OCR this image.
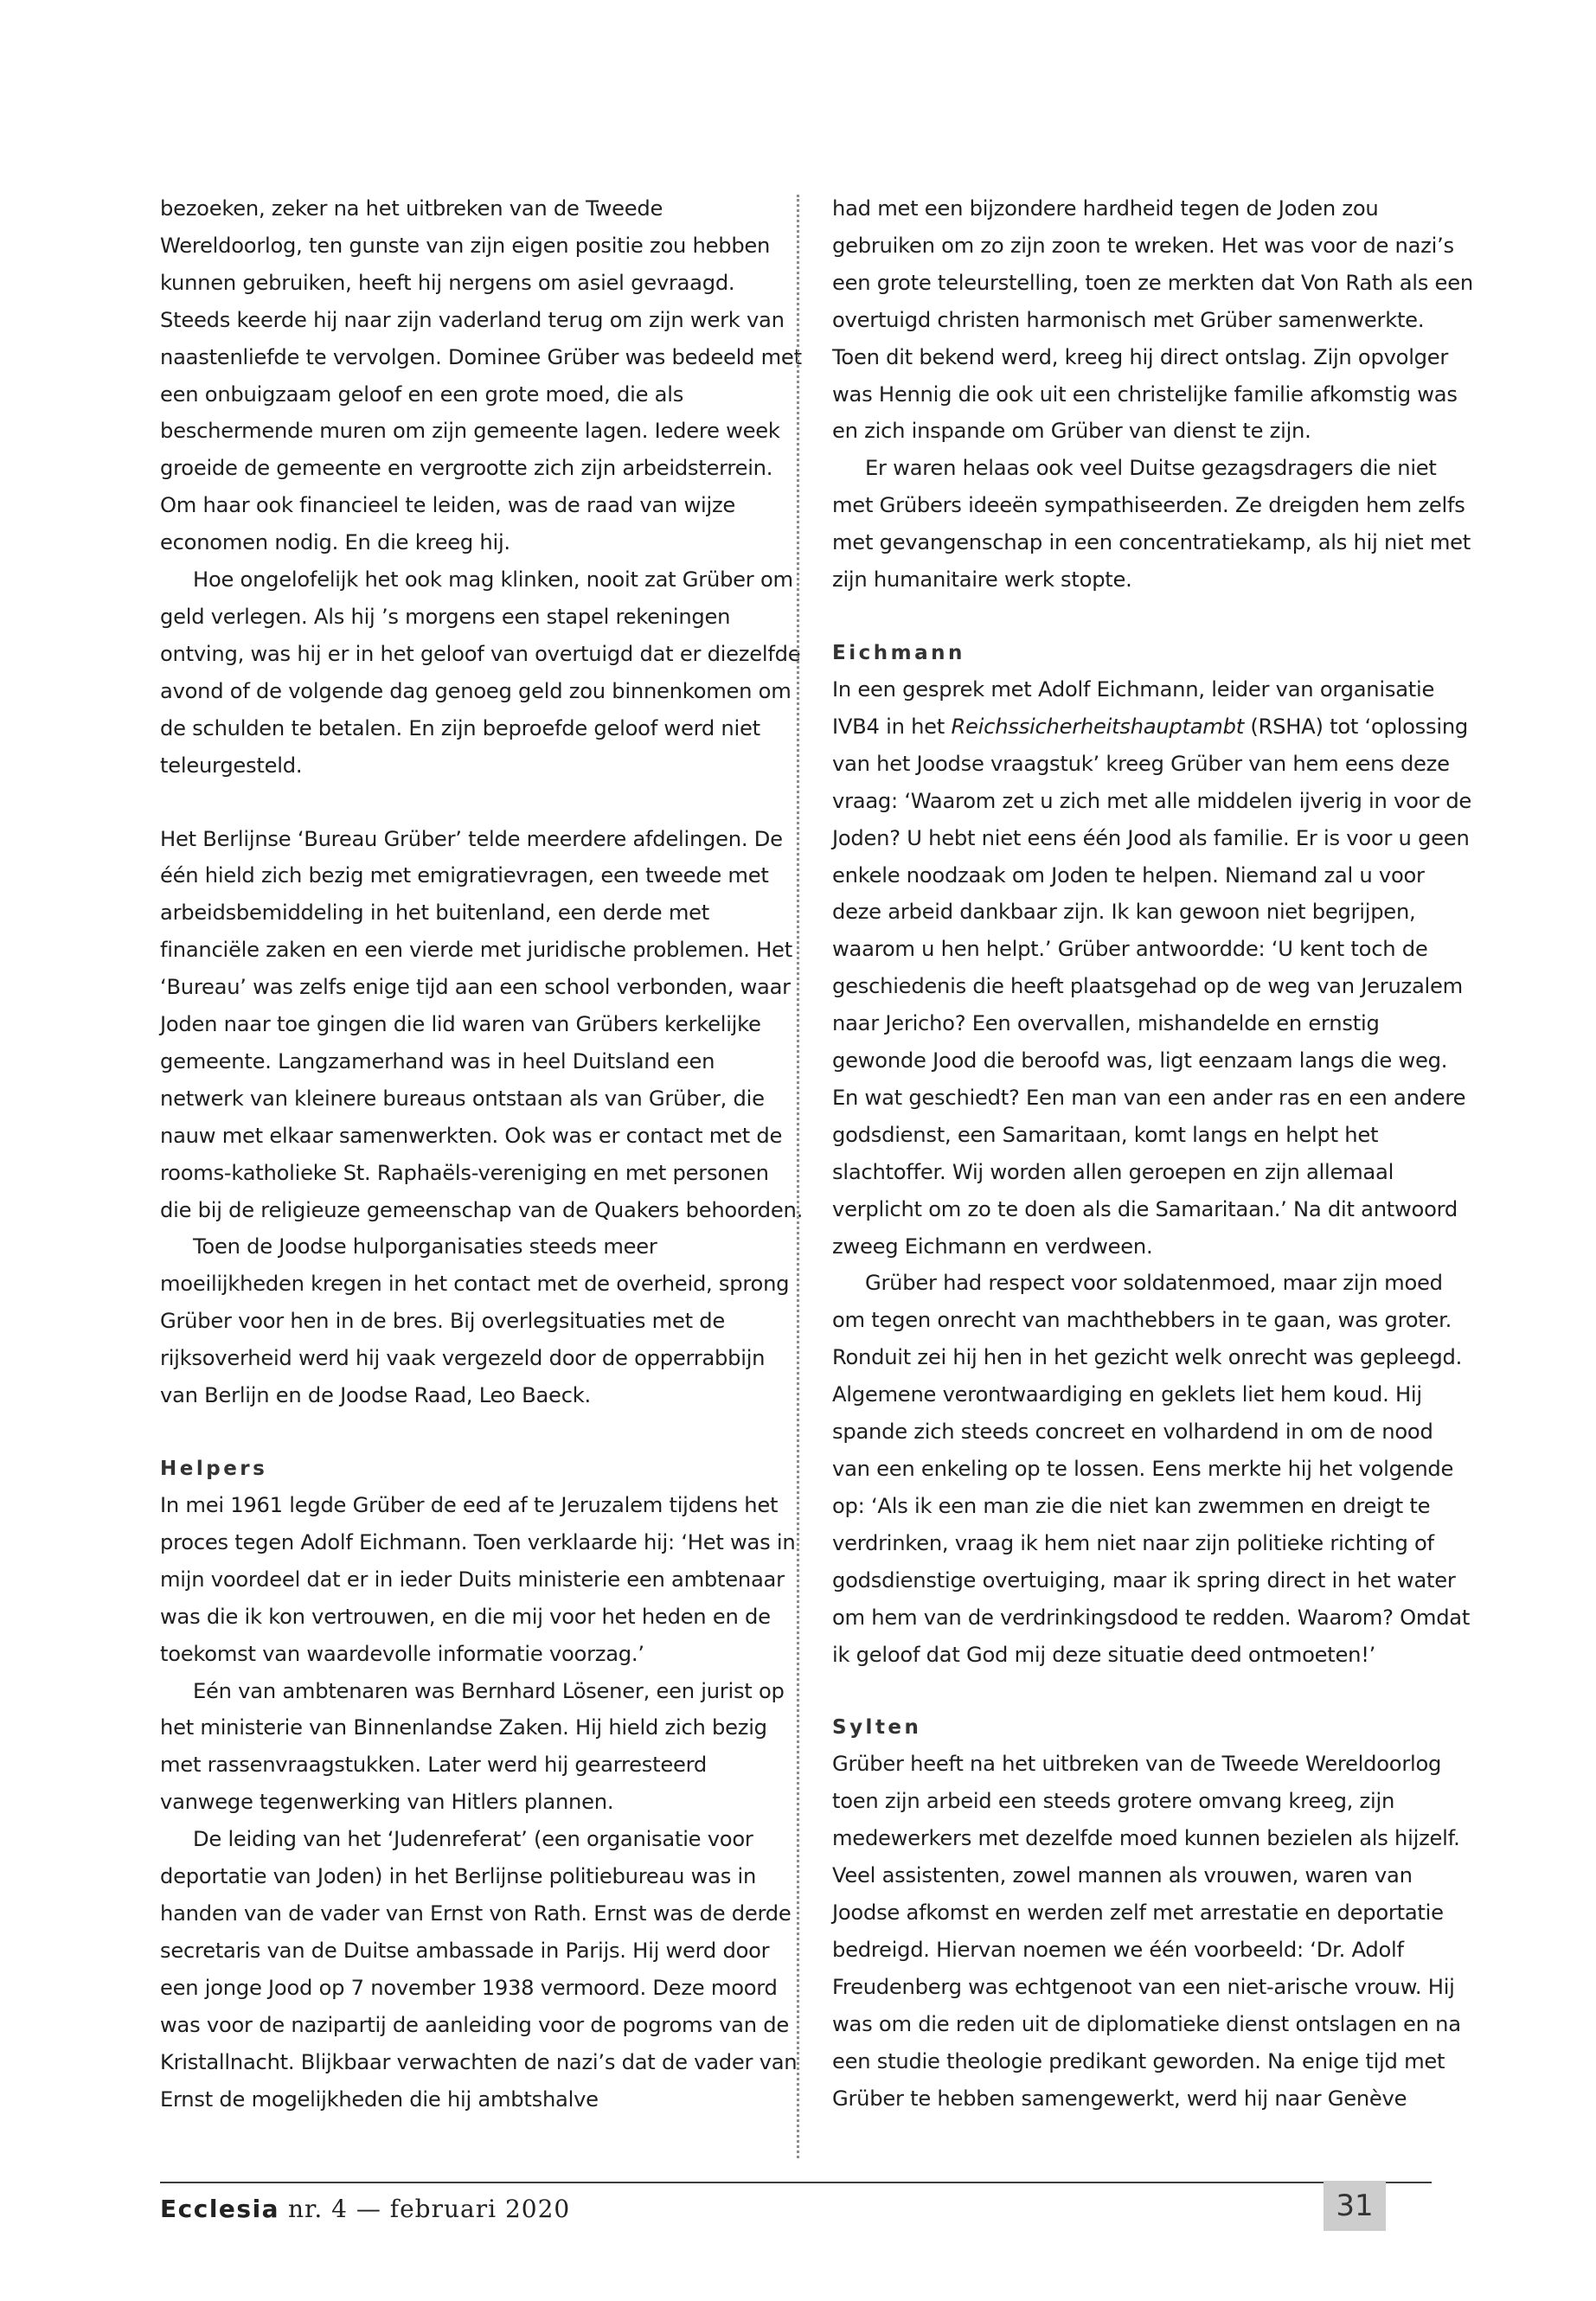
bezoeken, zeker na het uitbreken van de Tweede Wereldoorlog, ten gunste van zijn eigen positie zou hebben kunnen gebruiken, heeft hij nergens om asiel gevraagd. Steeds keerde hij naar zijn vaderland terug om zijn werk van naastenliefde te vervolgen. Dominee Grüber was bedeeld met een onbuigzaam geloof en een grote moed, die als beschermende muren om zijn gemeente lagen. Iedere week groeide de gemeente en vergrootte zich zijn arbeidsterrein. Om haar ook financieel te leiden, was de raad van wijze economen nodig. En die kreeg hij.

Hoe ongelofelijk het ook mag klinken, nooit zat Grüber om geld verlegen. Als hij ’s morgens een stapel rekeningen ontving, was hij er in het geloof van overtuigd dat er diezelfde avond of de volgende dag genoeg geld zou binnenkomen om de schulden te betalen. En zijn beproefde geloof werd niet teleurgesteld.

Het Berlijnse ‘Bureau Grüber’ telde meerdere afdelingen. De één hield zich bezig met emigratievragen, een tweede met arbeidsbemiddeling in het buitenland, een derde met financiële zaken en een vierde met juridische problemen. Het ‘Bureau’ was zelfs enige tijd aan een school verbonden, waar Joden naar toe gingen die lid waren van Grübers kerkelijke gemeente. Langzamerhand was in heel Duitsland een netwerk van kleinere bureaus ontstaan als van Grüber, die nauw met elkaar samenwerkten. Ook was er contact met de rooms-katholieke St. Raphaëls-vereniging en met personen die bij de religieuze gemeenschap van de Quakers behoorden.

Toen de Joodse hulporganisaties steeds meer moeilijkheden kregen in het contact met de overheid, sprong Grüber voor hen in de bres. Bij overlegsituaties met de rijksoverheid werd hij vaak vergezeld door de opperrabbijn van Berlijn en de Joodse Raad, Leo Baeck.

Helpers

In mei 1961 legde Grüber de eed af te Jeruzalem tijdens het proces tegen Adolf Eichmann. Toen verklaarde hij: ‘Het was in mijn voordeel dat er in ieder Duits ministerie een ambtenaar was die ik kon vertrouwen, en die mij voor het heden en de toekomst van waardevolle informatie voorzag.’

Eén van ambtenaren was Bernhard Lösener, een jurist op het ministerie van Binnenlandse Zaken. Hij hield zich bezig met rassenvraagstukken. Later werd hij gearresteerd vanwege tegenwerking van Hitlers plannen.

De leiding van het ‘Judenreferat’ (een organisatie voor deportatie van Joden) in het Berlijnse politiebureau was in handen van de vader van Ernst von Rath. Ernst was de derde secretaris van de Duitse ambassade in Parijs. Hij werd door een jonge Jood op 7 november 1938 vermoord. Deze moord was voor de nazipartij de aanleiding voor de pogroms van de Kristallnacht. Blijkbaar verwachten de nazi’s dat de vader van Ernst de mogelijkheden die hij ambtshalve

had met een bijzondere hardheid tegen de Joden zou gebruiken om zo zijn zoon te wreken. Het was voor de nazi’s een grote teleurstelling, toen ze merkten dat Von Rath als een overtuigd christen harmonisch met Grüber samenwerkte. Toen dit bekend werd, kreeg hij direct ontslag. Zijn opvolger was Hennig die ook uit een christelijke familie afkomstig was en zich inspande om Grüber van dienst te zijn.

Er waren helaas ook veel Duitse gezagsdragers die niet met Grübers ideeën sympathiseerden. Ze dreigden hem zelfs met gevangenschap in een concentratiekamp, als hij niet met zijn humanitaire werk stopte.

Eichmann

In een gesprek met Adolf Eichmann, leider van organisatie IVB4 in het Reichssicherheitshauptambt (RSHA) tot ‘oplossing van het Joodse vraagstuk’ kreeg Grüber van hem eens deze vraag: ‘Waarom zet u zich met alle middelen ijverig in voor de Joden? U hebt niet eens één Jood als familie. Er is voor u geen enkele noodzaak om Joden te helpen. Niemand zal u voor deze arbeid dankbaar zijn. Ik kan gewoon niet begrijpen, waarom u hen helpt.’ Grüber antwoordde: ‘U kent toch de geschiedenis die heeft plaatsgehad op de weg van Jeruzalem naar Jericho? Een overvallen, mishandelde en ernstig gewonde Jood die beroofd was, ligt eenzaam langs die weg. En wat geschiedt? Een man van een ander ras en een andere godsdienst, een Samaritaan, komt langs en helpt het slachtoffer. Wij worden allen geroepen en zijn allemaal verplicht om zo te doen als die Samaritaan.’ Na dit antwoord zweeg Eichmann en verdween.

Grüber had respect voor soldatenmoed, maar zijn moed om tegen onrecht van machthebbers in te gaan, was groter. Ronduit zei hij hen in het gezicht welk onrecht was gepleegd. Algemene verontwaardiging en geklets liet hem koud. Hij spande zich steeds concreet en volhardend in om de nood van een enkeling op te lossen. Eens merkte hij het volgende op: ‘Als ik een man zie die niet kan zwemmen en dreigt te verdrinken, vraag ik hem niet naar zijn politieke richting of godsdienstige overtuiging, maar ik spring direct in het water om hem van de verdrinkingsdood te redden. Waarom? Omdat ik geloof dat God mij deze situatie deed ontmoeten!’

Sylten

Grüber heeft na het uitbreken van de Tweede Wereldoorlog toen zijn arbeid een steeds grotere omvang kreeg, zijn medewerkers met dezelfde moed kunnen bezielen als hijzelf. Veel assistenten, zowel mannen als vrouwen, waren van Joodse afkomst en werden zelf met arrestatie en deportatie bedreigd. Hiervan noemen we één voorbeeld: ‘Dr. Adolf Freudenberg was echtgenoot van een niet-arische vrouw. Hij was om die reden uit de diplomatieke dienst ontslagen en na een studie theologie predikant geworden. Na enige tijd met Grüber te hebben samengewerkt, werd hij naar Genève

Ecclesia nr. 4 — februari 2020	31
